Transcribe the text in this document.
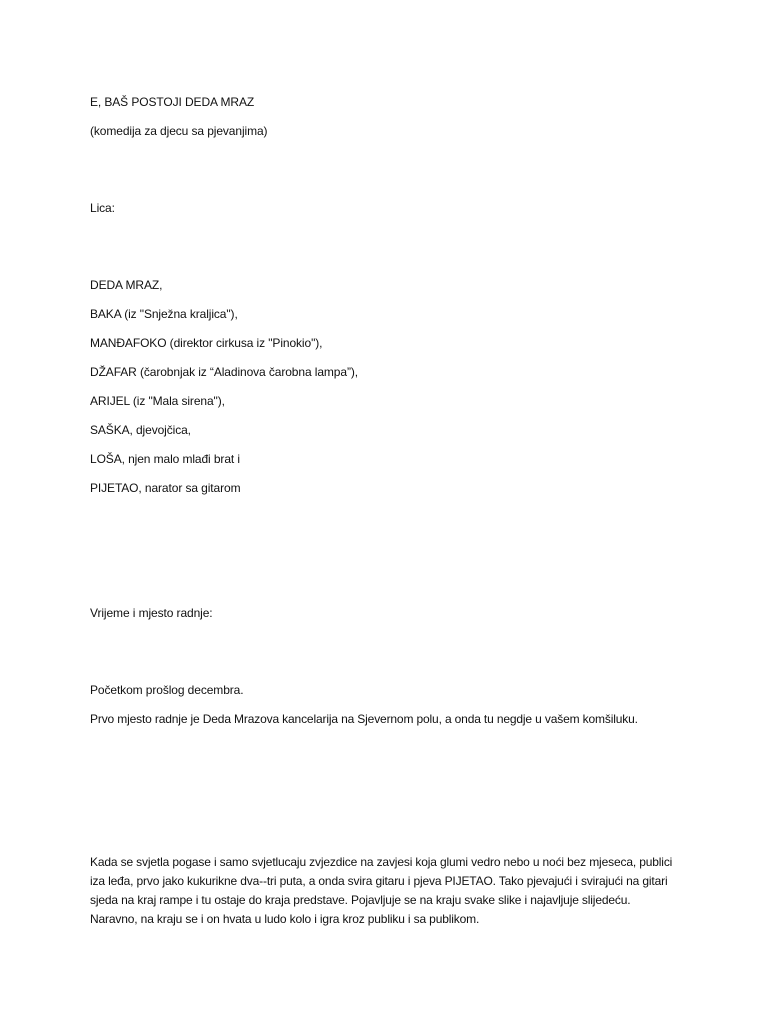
E, BAŠ POSTOJI DEDA MRAZ
(komedija za djecu sa pjevanjima)
Lica:
DEDA MRAZ,
BAKA (iz "Snježna kraljica"),
MANĐAFOKO (direktor cirkusa iz "Pinokio"),
DŽAFAR (čarobnjak iz “Aladinova čarobna lampa”),
ARIJEL (iz "Mala sirena"),
SAŠKA, djevojčica,
LOŠA, njen malo mlađi brat i
PIJETAO, narator sa gitarom
Vrijeme i mjesto radnje:
Početkom prošlog decembra.
Prvo mjesto radnje je Deda Mrazova kancelarija na Sjevernom polu, a onda tu negdje u vašem komšiluku.
Kada se svjetla pogase i samo svjetlucaju zvjezdice na zavjesi koja glumi vedro nebo u noći bez mjeseca, publici iza leđa, prvo jako kukurikne dva--tri puta, a onda svira gitaru i pjeva PIJETAO. Tako pjevajući i svirajući na gitari sjeda na kraj rampe i tu ostaje do kraja predstave. Pojavljuje se na kraju svake slike i najavljuje slijedeću. Naravno, na kraju se i on hvata u ludo kolo i igra kroz publiku i sa publikom.
